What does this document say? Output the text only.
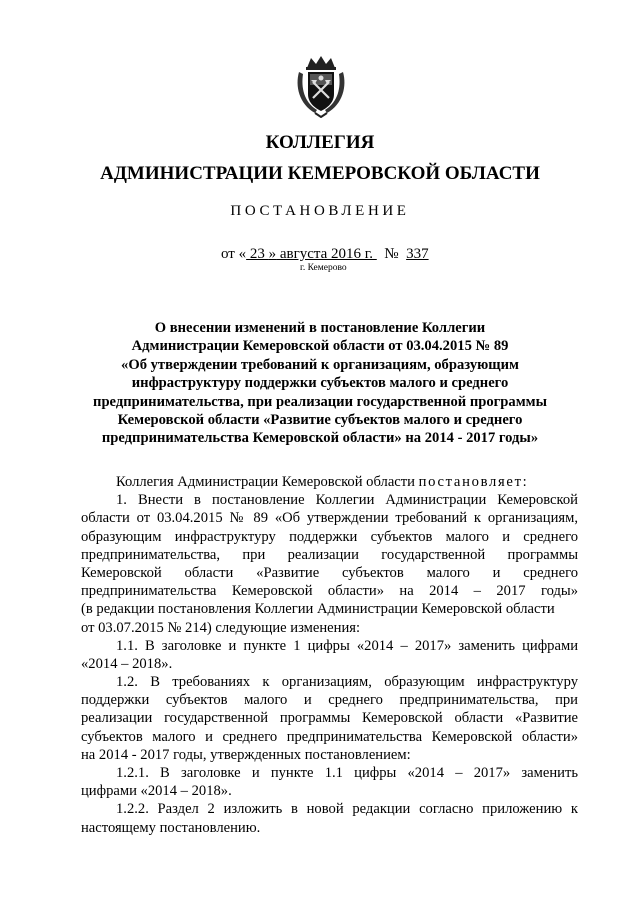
КОЛЛЕГИЯ
АДМИНИСТРАЦИИ КЕМЕРОВСКОЙ ОБЛАСТИ
ПОСТАНОВЛЕНИЕ
от « 23 » августа 2016 г.   №  337
г. Кемерово
О внесении изменений в постановление Коллегии
Администрации Кемеровской области от 03.04.2015 № 89
«Об утверждении требований к организациям, образующим
инфраструктуру поддержки субъектов малого и среднего
предпринимательства, при реализации государственной программы
Кемеровской области «Развитие субъектов малого и среднего
предпринимательства Кемеровской области» на 2014 - 2017 годы»
Коллегия Администрации Кемеровской области постановляет:
1. Внести в постановление Коллегии Администрации Кемеровской
области от 03.04.2015 № 89 «Об утверждении требований к организациям,
образующим инфраструктуру поддержки субъектов малого и среднего
предпринимательства, при реализации государственной программы
Кемеровской области «Развитие субъектов малого и среднего
предпринимательства Кемеровской области» на 2014 – 2017 годы»
(в редакции постановления Коллегии Администрации Кемеровской области
от 03.07.2015 № 214) следующие изменения:
1.1. В заголовке и пункте 1 цифры «2014 – 2017» заменить цифрами
«2014 – 2018».
1.2. В требованиях к организациям, образующим инфраструктуру
поддержки субъектов малого и среднего предпринимательства, при
реализации государственной программы Кемеровской области «Развитие
субъектов малого и среднего предпринимательства Кемеровской области»
на 2014 - 2017 годы, утвержденных постановлением:
1.2.1. В заголовке и пункте 1.1 цифры «2014 – 2017» заменить
цифрами «2014 – 2018».
1.2.2. Раздел 2 изложить в новой редакции согласно приложению к
настоящему постановлению.
